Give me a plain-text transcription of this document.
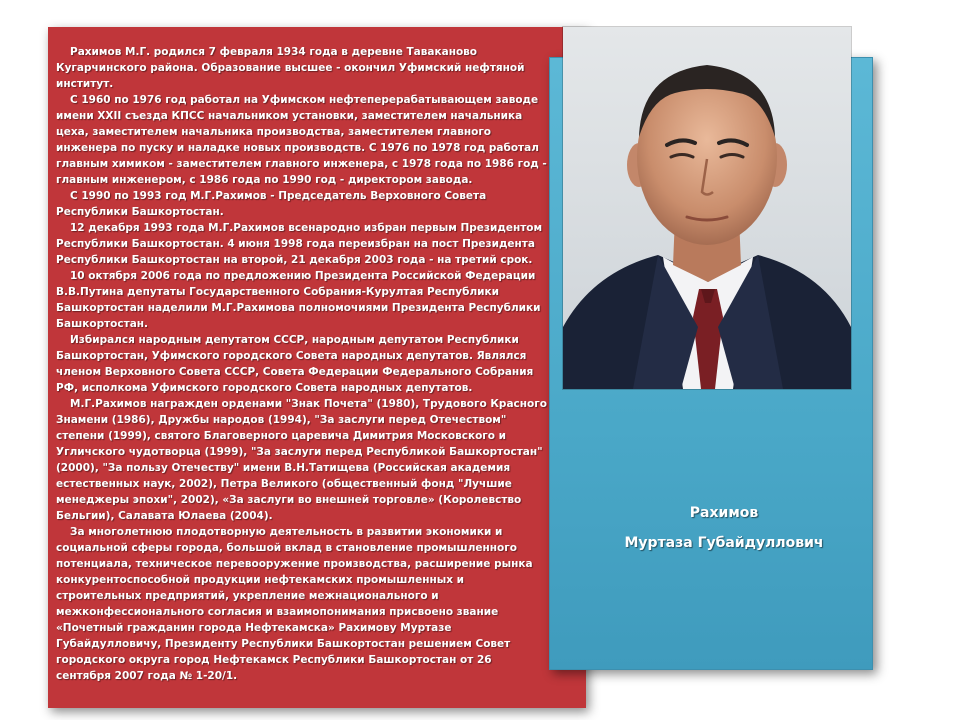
Рахимов М.Г. родился 7 февраля 1934 года в деревне Таваканово Кугарчинского района. Образование высшее - окончил Уфимский нефтяной институт.
С 1960 по 1976 год работал на Уфимском нефтеперерабатывающем заводе имени XXII съезда КПСС начальником установки, заместителем начальника цеха, заместителем начальника производства, заместителем главного инженера по пуску и наладке новых производств. С 1976 по 1978 год работал главным химиком - заместителем главного инженера, с 1978 года по 1986 год - главным инженером, с 1986 года по 1990 год - директором завода.
С 1990 по 1993 год М.Г.Рахимов - Председатель Верховного Совета Республики Башкортостан.
12 декабря 1993 года М.Г.Рахимов всенародно избран первым Президентом Республики Башкортостан. 4 июня 1998 года переизбран на пост Президента Республики Башкортостан на второй, 21 декабря 2003 года - на третий срок.
10 октября 2006 года по предложению Президента Российской Федерации В.В.Путина депутаты Государственного Собрания-Курултая Республики Башкортостан наделили М.Г.Рахимова полномочиями Президента Республики Башкортостан.
Избирался народным депутатом СССР, народным депутатом Республики Башкортостан, Уфимского городского Совета народных депутатов. Являлся членом Верховного Совета СССР, Совета Федерации Федерального Собрания РФ, исполкома Уфимского городского Совета народных депутатов.
М.Г.Рахимов награжден орденами "Знак Почета" (1980), Трудового Красного Знамени (1986), Дружбы народов (1994), "За заслуги перед Отечеством" степени (1999), святого Благоверного царевича Димитрия Московского и Угличского чудотворца (1999), "За заслуги перед Республикой Башкортостан" (2000), "За пользу Отечеству" имени В.Н.Татищева (Российская академия естественных наук, 2002), Петра Великого (общественный фонд "Лучшие менеджеры эпохи", 2002), «За заслуги во внешней торговле» (Королевство Бельгии), Салавата Юлаева (2004).
За многолетнюю плодотворную деятельность в развитии экономики и социальной сферы города, большой вклад в становление промышленного потенциала, техническое перевооружение производства, расширение рынка конкурентоспособной продукции нефтекамских промышленных и строительных предприятий, укрепление межнационального и межконфессионального согласия и взаимопонимания присвоено звание «Почетный гражданин города Нефтекамска» Рахимову Муртазе Губайдулловичу, Президенту Республики Башкортостан решением Совет городского округа город Нефтекамск Республики Башкортостан от 26 сентября 2007 года № 1-20/1.
Рахимов
Муртаза Губайдуллович
